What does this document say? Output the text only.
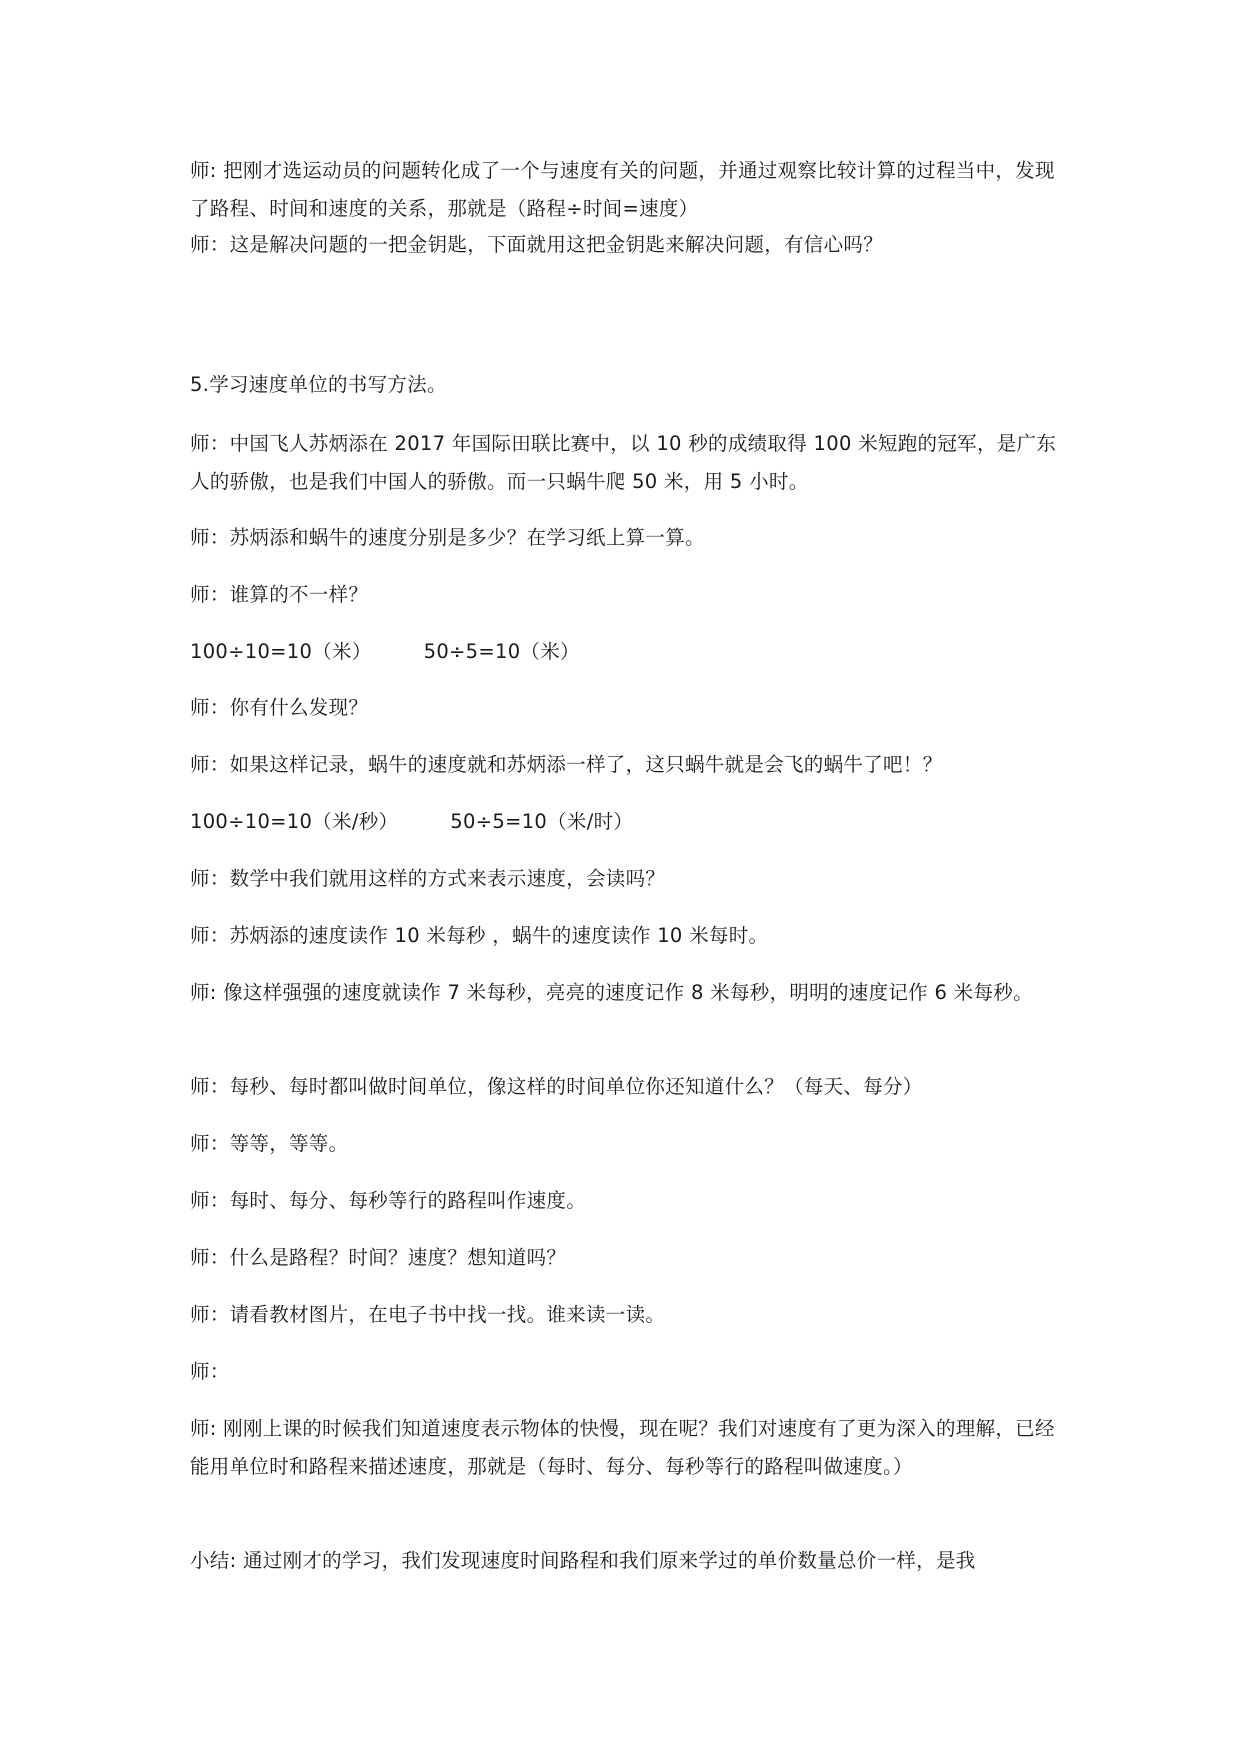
师: 把刚才选运动员的问题转化成了一个与速度有关的问题，并通过观察比较计算的过程当中，发现了路程、时间和速度的关系，那就是（路程÷时间=速度）

师：这是解决问题的一把金钥匙，下面就用这把金钥匙来解决问题，有信心吗？

5.学习速度单位的书写方法。

师：中国飞人苏炳添在 2017 年国际田联比赛中，以 10 秒的成绩取得 100 米短跑的冠军，是广东人的骄傲，也是我们中国人的骄傲。而一只蜗牛爬 50 米，用 5 小时。

师：苏炳添和蜗牛的速度分别是多少？在学习纸上算一算。

师：谁算的不一样？

100÷10=10（米）	50÷5=10（米）

师：你有什么发现？

师：如果这样记录，蜗牛的速度就和苏炳添一样了，这只蜗牛就是会飞的蜗牛了吧！？

100÷10=10（米/秒）	50÷5=10（米/时）

师：数学中我们就用这样的方式来表示速度，会读吗？

师：苏炳添的速度读作 10 米每秒 ，蜗牛的速度读作 10 米每时。

师: 像这样强强的速度就读作 7 米每秒，亮亮的速度记作 8 米每秒，明明的速度记作 6 米每秒。

师：每秒、每时都叫做时间单位，像这样的时间单位你还知道什么？（每天、每分）

师：等等，等等。

师：每时、每分、每秒等行的路程叫作速度。

师：什么是路程？时间？速度？想知道吗？

师：请看教材图片，在电子书中找一找。谁来读一读。

师：

师: 刚刚上课的时候我们知道速度表示物体的快慢，现在呢？我们对速度有了更为深入的理解，已经能用单位时和路程来描述速度，那就是（每时、每分、每秒等行的路程叫做速度。）

小结: 通过刚才的学习，我们发现速度时间路程和我们原来学过的单价数量总价一样，是我
